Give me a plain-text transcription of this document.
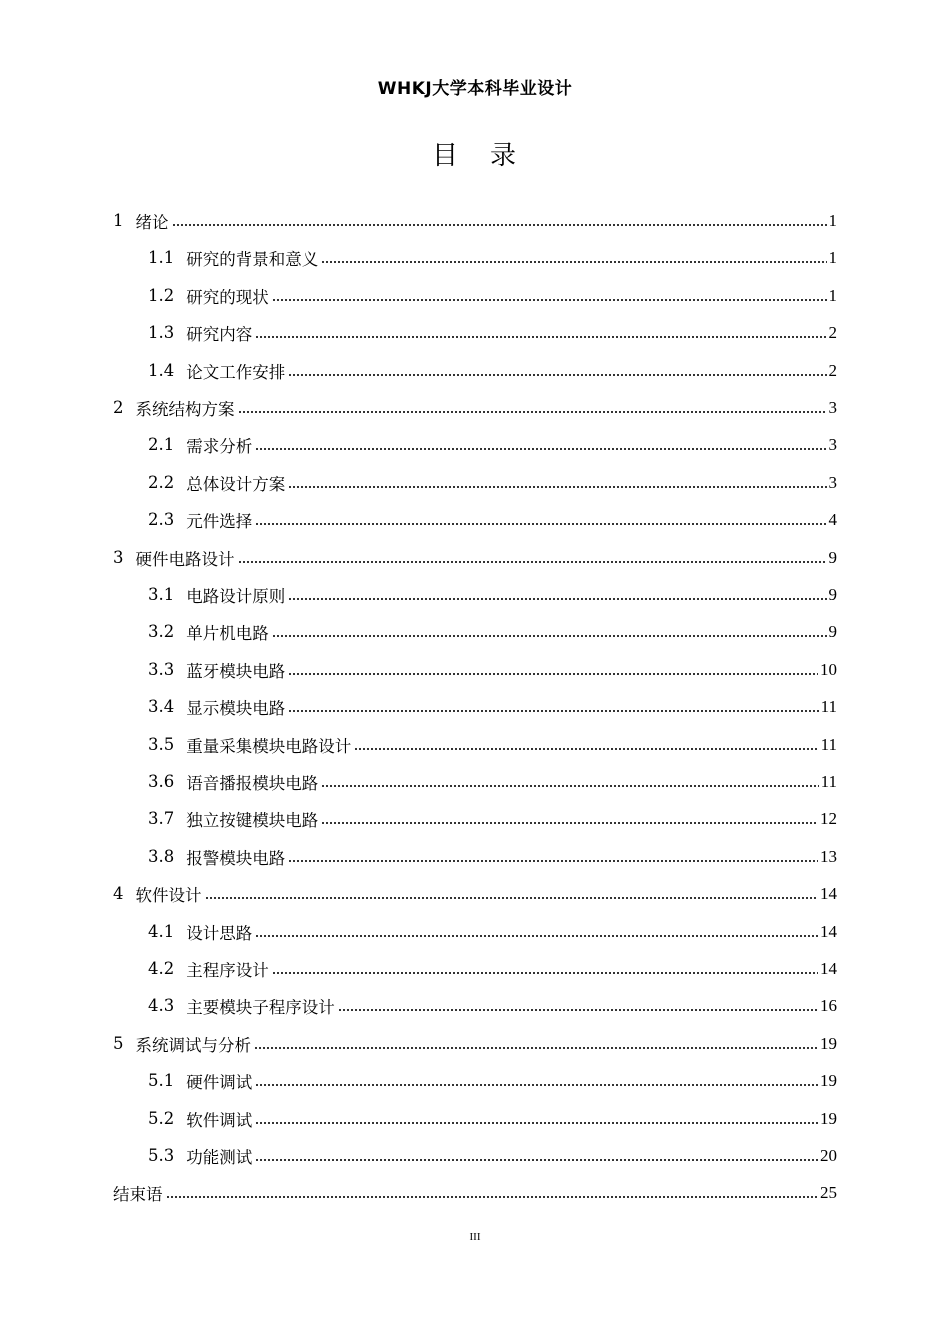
WHKJ大学本科毕业设计
目 录
1 绪论	1
1.1 研究的背景和意义	1
1.2 研究的现状	1
1.3 研究内容	2
1.4 论文工作安排	2
2 系统结构方案	3
2.1 需求分析	3
2.2 总体设计方案	3
2.3 元件选择	4
3 硬件电路设计	9
3.1 电路设计原则	9
3.2 单片机电路	9
3.3 蓝牙模块电路	10
3.4 显示模块电路	11
3.5 重量采集模块电路设计	11
3.6 语音播报模块电路	11
3.7 独立按键模块电路	12
3.8 报警模块电路	13
4 软件设计	14
4.1 设计思路	14
4.2 主程序设计	14
4.3 主要模块子程序设计	16
5 系统调试与分析	19
5.1 硬件调试	19
5.2 软件调试	19
5.3 功能测试	20
结束语	25
III
